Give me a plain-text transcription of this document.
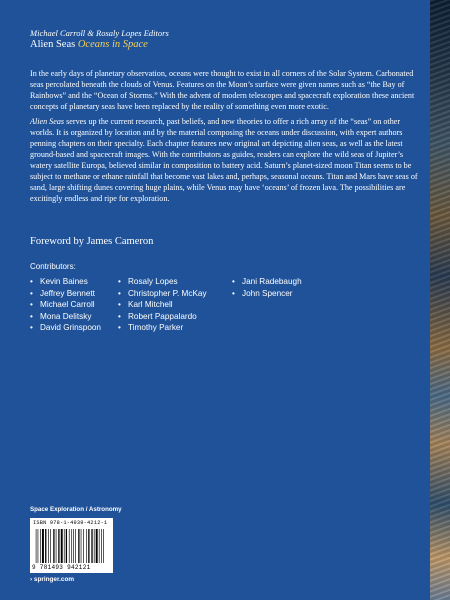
Michael Carroll & Rosaly Lopes Editors
Alien Seas Oceans in Space

In the early days of planetary observation, oceans were thought to exist in all corners of the Solar System. Carbonated seas percolated beneath the clouds of Venus. Features on the Moon’s surface were given names such as “the Bay of Rainbows” and the “Ocean of Storms.” With the advent of modern telescopes and spacecraft exploration these ancient concepts of planetary seas have been replaced by the reality of something even more exotic.

Alien Seas serves up the current research, past beliefs, and new theories to offer a rich array of the “seas” on other worlds. It is organized by location and by the material composing the oceans under discussion, with expert authors penning chapters on their specialty. Each chapter features new original art depicting alien seas, as well as the latest ground-based and spacecraft images. With the contributors as guides, readers can explore the wild seas of Jupiter’s watery satellite Europa, believed similar in composition to battery acid. Saturn’s planet-sized moon Titan seems to be subject to methane or ethane rainfall that become vast lakes and, perhaps, seasonal oceans. Titan and Mars have seas of sand, large shifting dunes covering huge plains, while Venus may have ‘oceans’ of frozen lava. The possibilities are excitingly endless and ripe for exploration.

Foreword by James Cameron
Contributors:
• Kevin Baines
• Jeffrey Bennett
• Michael Carroll
• Mona Delitsky
• David Grinspoon
• Rosaly Lopes
• Christopher P. McKay
• Karl Mitchell
• Robert Pappalardo
• Timothy Parker
• Jani Radebaugh
• John Spencer
Space Exploration / Astronomy
ISBN 978-1-4939-4212-1
9 781493 942121
› springer.com
